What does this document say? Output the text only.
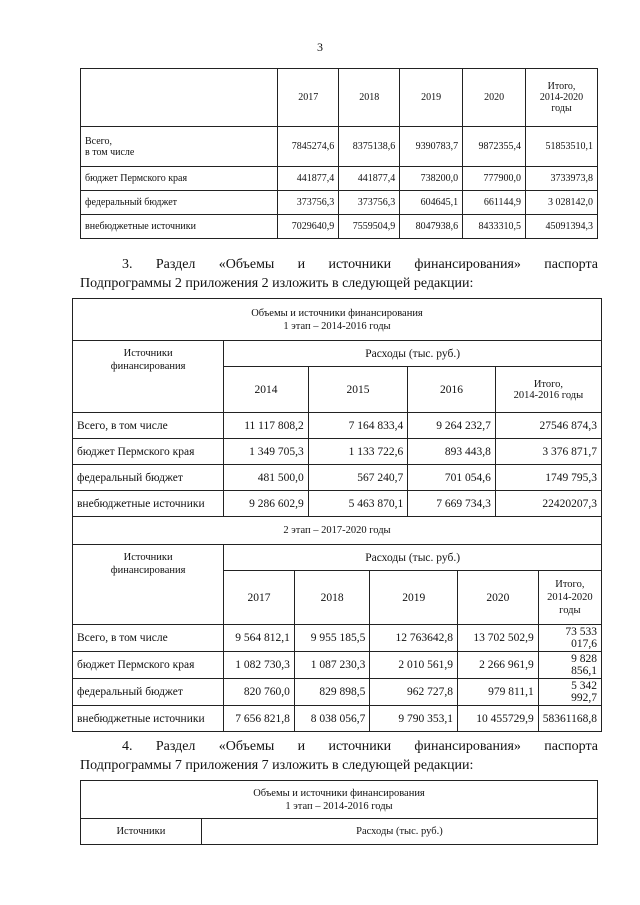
3
	2017	2018	2019	2020	Итого,
2014-2020
годы
Всего,
в том числе	7845274,6	8375138,6	9390783,7	9872355,4	51853510,1
бюджет Пермского края	441877,4	441877,4	738200,0	777900,0	3733973,8
федеральный бюджет	373756,3	373756,3	604645,1	661144,9	3 028142,0
внебюджетные источники	7029640,9	7559504,9	8047938,6	8433310,5	45091394,3
3. Раздел «Объемы и источники финансирования» паспорта
Подпрограммы 2 приложения 2 изложить в следующей редакции:
Объемы и источники финансирования
1 этап – 2014-2016 годы								
Источники
финансирования	Расходы (тыс. руб.)							
	2014		2015		2016		Итого,
2014-2016 годы	
Всего, в том числе	11 117 808,2		7 164 833,4		9 264 232,7		27546 874,3	
бюджет Пермского края	1 349 705,3		1 133 722,6		893 443,8		3 376 871,7	
федеральный бюджет	481 500,0		567 240,7		701 054,6		1749 795,3	
внебюджетные источники	9 286 602,9		5 463 870,1		7 669 734,3		22420207,3	
2 этап – 2017-2020 годы								
Источники
финансирования	Расходы (тыс. руб.)							
	2017	2018		2019		2020		Итого,
2014-2020
годы
Всего, в том числе	9 564 812,1	9 955 185,5		12 763642,8		13 702 502,9		73 533 017,6
бюджет Пермского края	1 082 730,3	1 087 230,3		2 010 561,9		2 266 961,9		9 828 856,1
федеральный бюджет	820 760,0	829 898,5		962 727,8		979 811,1		5 342 992,7
внебюджетные источники	7 656 821,8	8 038 056,7		9 790 353,1		10 455729,9		58361168,8
4. Раздел «Объемы и источники финансирования» паспорта
Подпрограммы 7 приложения 7 изложить в следующей редакции:
Объемы и источники финансирования
1 этап – 2014-2016 годы
Источники	Расходы (тыс. руб.)
